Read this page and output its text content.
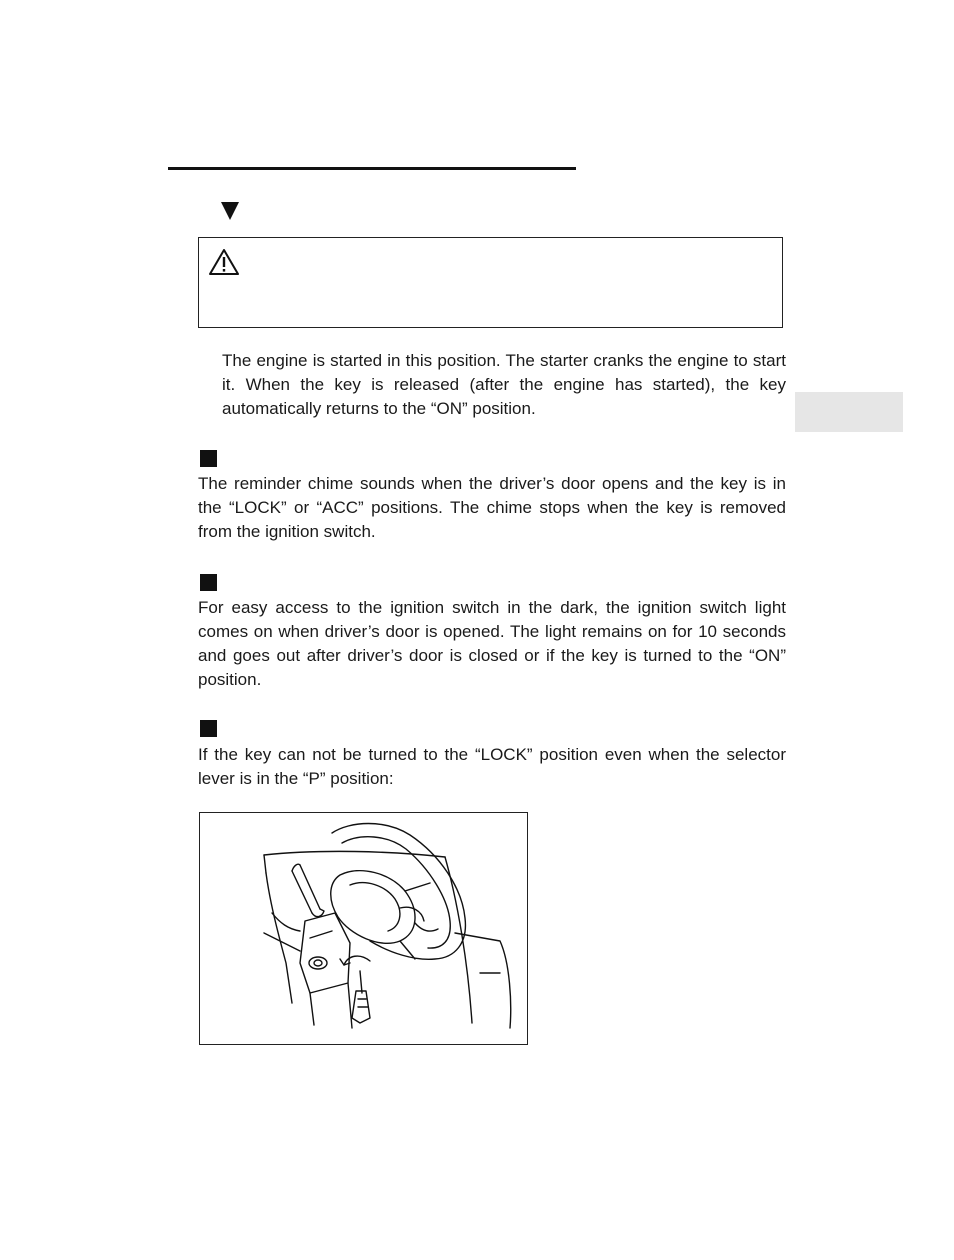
The engine is started in this position. The starter cranks the engine to start it. When the key is released (after the engine has started), the key automatically returns to the “ON” position.

The reminder chime sounds when the driver’s door opens and the key is in the “LOCK” or “ACC” positions. The chime stops when the key is removed from the ignition switch.

For easy access to the ignition switch in the dark, the ignition switch light comes on when driver’s door is opened. The light remains on for 10 seconds and goes out after driver’s door is closed or if the key is turned to the “ON” position.

If the key can not be turned to the “LOCK” position even when the selector lever is in the “P” position:
